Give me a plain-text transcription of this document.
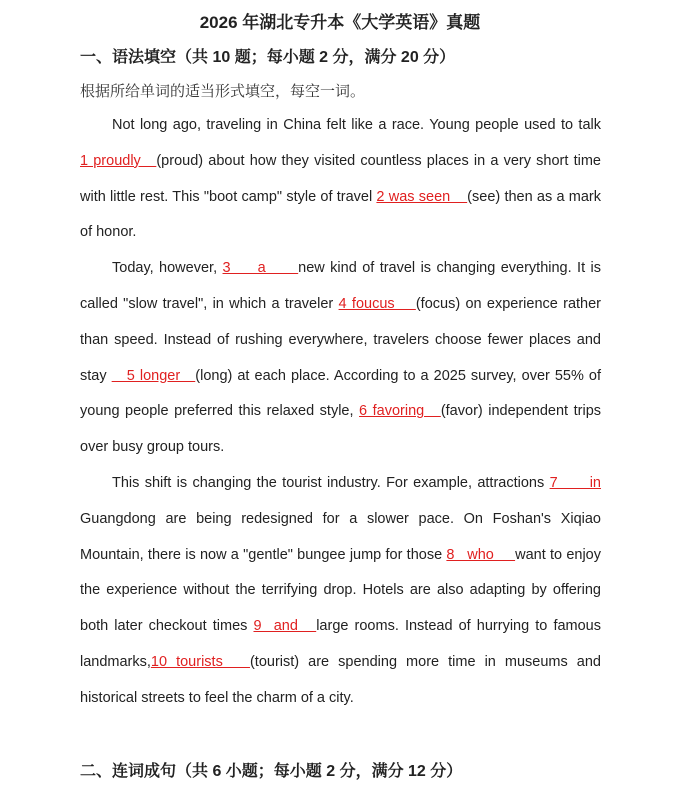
2026 年湖北专升本《大学英语》真题
一、语法填空（共 10 题；每小题 2 分，满分 20 分）
根据所给单词的适当形式填空，每空一词。

Not long ago, traveling in China felt like a race. Young people used to talk 1 proudly   (proud) about how they visited countless places in a very short time with little rest. This "boot camp" style of travel 2 was seen    (see) then as a mark of honor.

Today, however, 3     a      new kind of travel is changing everything. It is called "slow travel", in which a traveler 4 foucus    (focus) on experience rather than speed. Instead of rushing everywhere, travelers choose fewer places and stay    5 longer   (long) at each place. According to a 2025 survey, over 55% of young people preferred this relaxed style, 6 favoring   (favor) independent trips over busy group tours.

This shift is changing the tourist industry. For example, attractions 7      in Guangdong are being redesigned for a slower pace. On Foshan's Xiqiao Mountain, there is now a "gentle" bungee jump for those 8   who     want to enjoy the experience without the terrifying drop. Hotels are also adapting by offering both later checkout times 9  and   large rooms. Instead of hurrying to famous landmarks,10 tourists   (tourist) are spending more time in museums and historical streets to feel the charm of a city.

二、连词成句（共 6 小题；每小题 2 分，满分 12 分）
